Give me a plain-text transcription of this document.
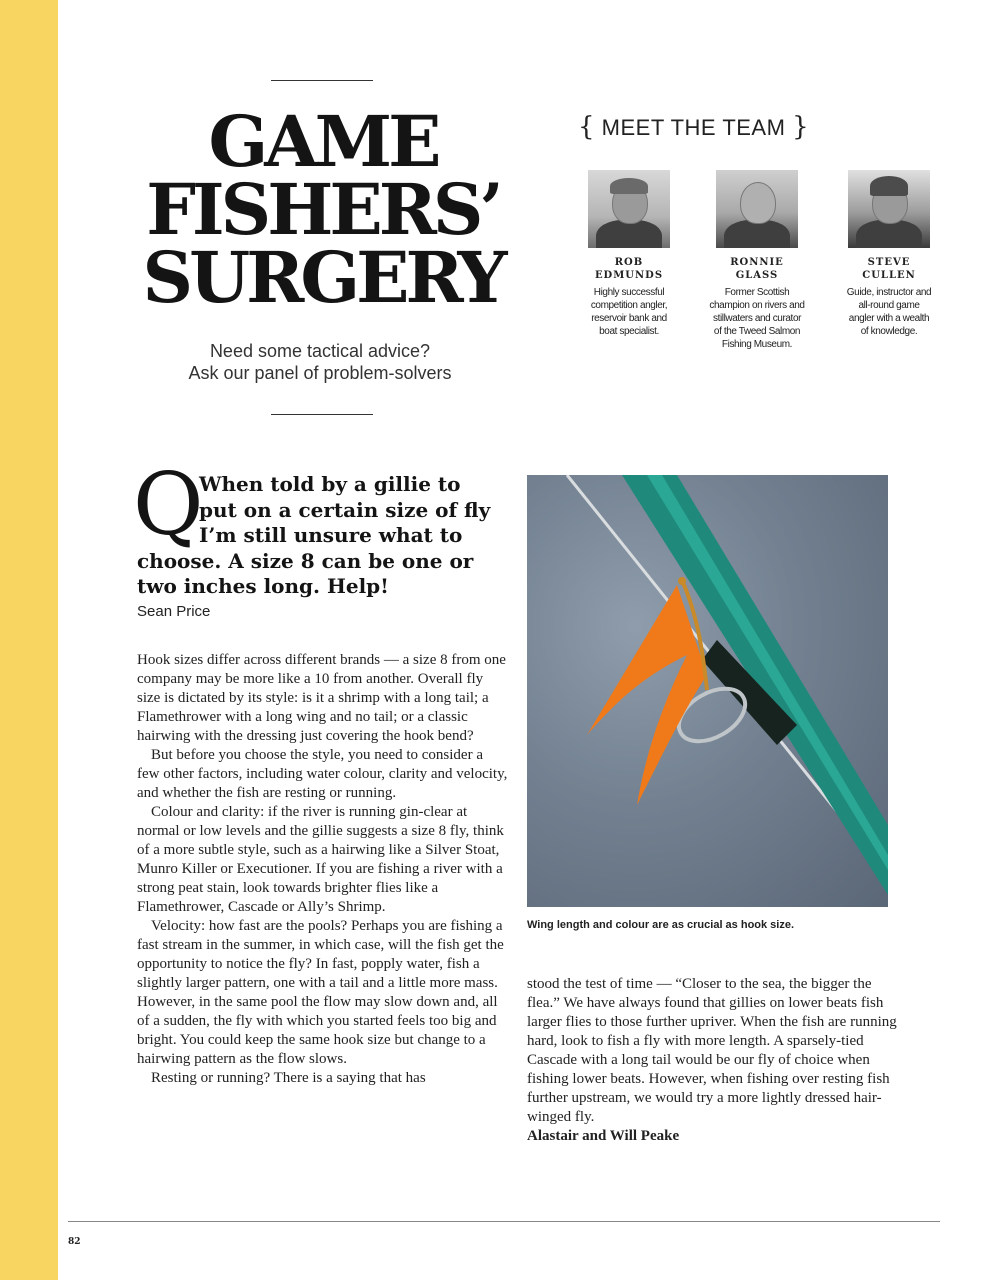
GAME
FISHERS’
SURGERY
Need some tactical advice?
Ask our panel of problem-solvers
{ MEET THE TEAM }
ROB
EDMUNDS
Highly successful
competition angler,
reservoir bank and
boat specialist.
RONNIE
GLASS
Former Scottish
champion on rivers and
stillwaters and curator
of the Tweed Salmon
Fishing Museum.
STEVE
CULLEN
Guide, instructor and
all-round game
angler with a wealth
of knowledge.
Q
When told by a gillie to
put on a certain size of fly
I’m still unsure what to
choose. A size 8 can be one or
two inches long. Help!
Sean Price

Hook sizes differ across different brands — a size 8 from one company may be more like a 10 from another. Overall fly size is dictated by its style: is it a shrimp with a long tail; a Flamethrower with a long wing and no tail; or a classic hairwing with the dressing just covering the hook bend?

But before you choose the style, you need to consider a few other factors, including water colour, clarity and velocity, and whether the fish are resting or running.

Colour and clarity: if the river is running gin-clear at normal or low levels and the gillie suggests a size 8 fly, think of a more subtle style, such as a hairwing like a Silver Stoat, Munro Killer or Executioner. If you are fishing a river with a strong peat stain, look towards brighter flies like a Flamethrower, Cascade or Ally’s Shrimp.

Velocity: how fast are the pools? Perhaps you are fishing a fast stream in the summer, in which case, will the fish get the opportunity to notice the fly? In fast, popply water, fish a slightly larger pattern, one with a tail and a little more mass. However, in the same pool the flow may slow down and, all of a sudden, the fly with which you started feels too big and bright. You could keep the same hook size but change to a hairwing pattern as the flow slows.

Resting or running? There is a saying that has

Wing length and colour are as crucial as hook size.

stood the test of time — “Closer to the sea, the bigger the flea.” We have always found that gillies on lower beats fish larger flies to those further upriver. When the fish are running hard, look to fish a fly with more length. A sparsely-tied Cascade with a long tail would be our fly of choice when fishing lower beats. However, when fishing over resting fish further upstream, we would try a more lightly dressed hair-winged fly.

Alastair and Will Peake

82
